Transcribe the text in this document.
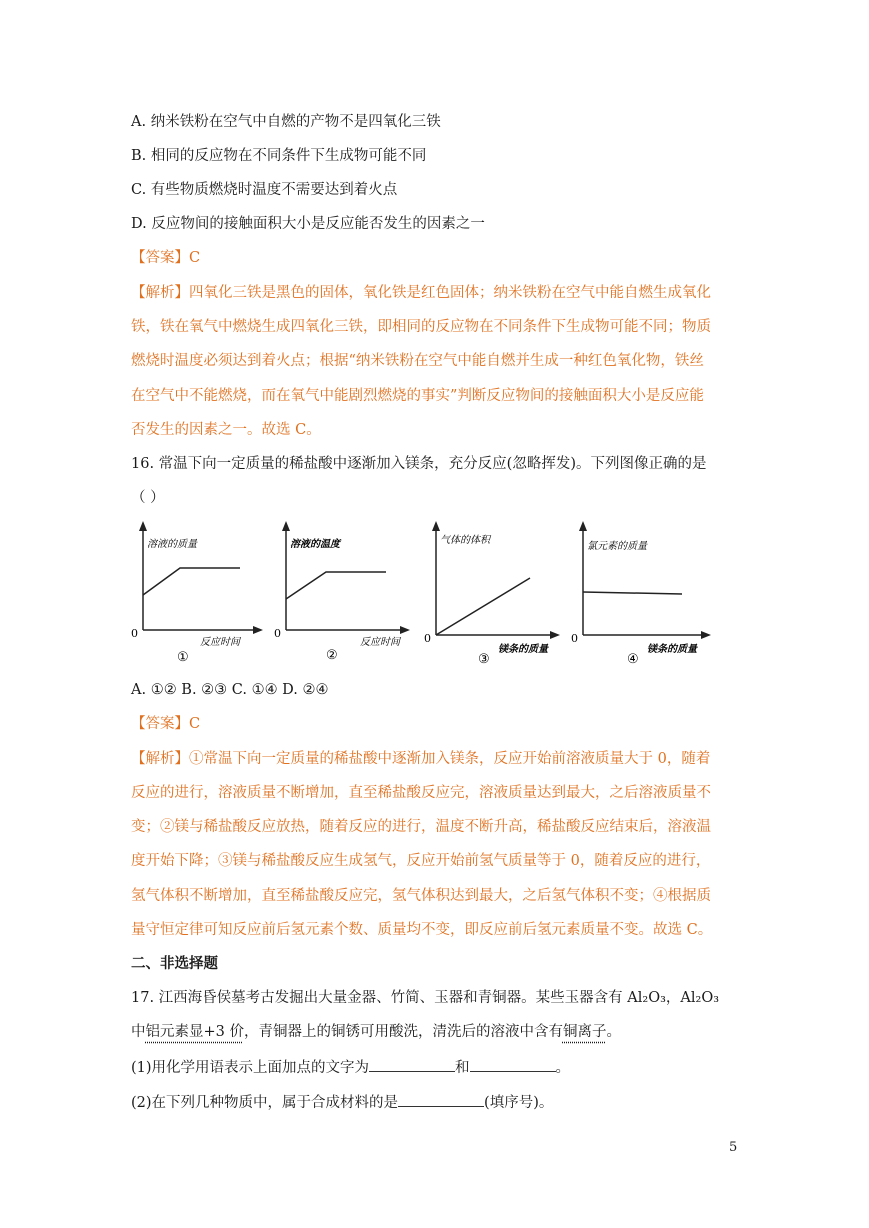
A. 纳米铁粉在空气中自燃的产物不是四氧化三铁
B. 相同的反应物在不同条件下生成物可能不同
C. 有些物质燃烧时温度不需要达到着火点
D. 反应物间的接触面积大小是反应能否发生的因素之一
【答案】C
【解析】四氧化三铁是黑色的固体，氧化铁是红色固体；纳米铁粉在空气中能自燃生成氧化
铁，铁在氧气中燃烧生成四氧化三铁，即相同的反应物在不同条件下生成物可能不同；物质
燃烧时温度必须达到着火点；根据“纳米铁粉在空气中能自燃并生成一种红色氧化物，铁丝
在空气中不能燃烧，而在氧气中能剧烈燃烧的事实”判断反应物间的接触面积大小是反应能
否发生的因素之一。故选 C。
16. 常温下向一定质量的稀盐酸中逐渐加入镁条，充分反应(忽略挥发)。下列图像正确的是
（ ）
溶液的质量
0
反应时间
①
溶液的温度
0
反应时间
②
气体的体积
0
镁条的质量
③
氯元素的质量
0
镁条的质量
④
A. ①② B. ②③ C. ①④ D. ②④
【答案】C
【解析】①常温下向一定质量的稀盐酸中逐渐加入镁条，反应开始前溶液质量大于 0，随着
反应的进行，溶液质量不断增加，直至稀盐酸反应完，溶液质量达到最大，之后溶液质量不
变；②镁与稀盐酸反应放热，随着反应的进行，温度不断升高，稀盐酸反应结束后，溶液温
度开始下降；③镁与稀盐酸反应生成氢气，反应开始前氢气质量等于 0，随着反应的进行，
氢气体积不断增加，直至稀盐酸反应完，氢气体积达到最大，之后氢气体积不变；④根据质
量守恒定律可知反应前后氢元素个数、质量均不变，即反应前后氢元素质量不变。故选 C。
二、非选择题
17. 江西海昏侯墓考古发掘出大量金器、竹简、玉器和青铜器。某些玉器含有 Al₂O₃，Al₂O₃
中铝元素显+3 价，青铜器上的铜锈可用酸洗，清洗后的溶液中含有铜离子。
(1)用化学用语表示上面加点的文字为	和	。
(2)在下列几种物质中，属于合成材料的是	(填序号)。
5
